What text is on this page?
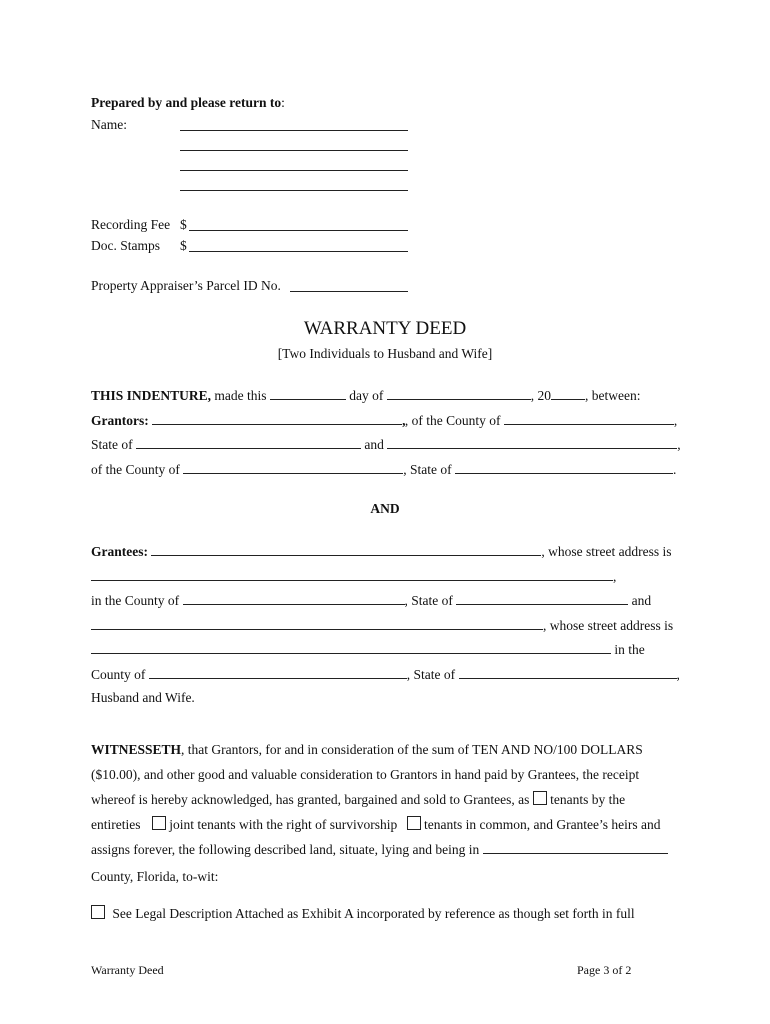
Prepared by and please return to:
Name:
Recording Fee $
Doc. Stamps $
Property Appraiser’s Parcel ID No.
WARRANTY DEED
[Two Individuals to Husband and Wife]
THIS INDENTURE, made this	day of	, 20	, between:
Grantors:	, , of the County of	,
State of	and	,
of the County of	, State of	.
AND
Grantees:	, whose street address is
,
in the County of	, State of	and
, whose street address is
in the
County of	, State of	,
Husband and Wife.
WITNESSETH, that Grantors, for and in consideration of the sum of TEN AND NO/100 DOLLARS
($10.00), and other good and valuable consideration to Grantors in hand paid by Grantees, the receipt
whereof is hereby acknowledged, has granted, bargained and sold to Grantees, as tenants by the
entireties joint tenants with the right of survivorship tenants in common, and Grantee’s heirs and
assigns forever, the following described land, situate, lying and being in
County, Florida, to-wit:
See Legal Description Attached as Exhibit A incorporated by reference as though set forth in full
Warranty Deed	Page 3 of 2
